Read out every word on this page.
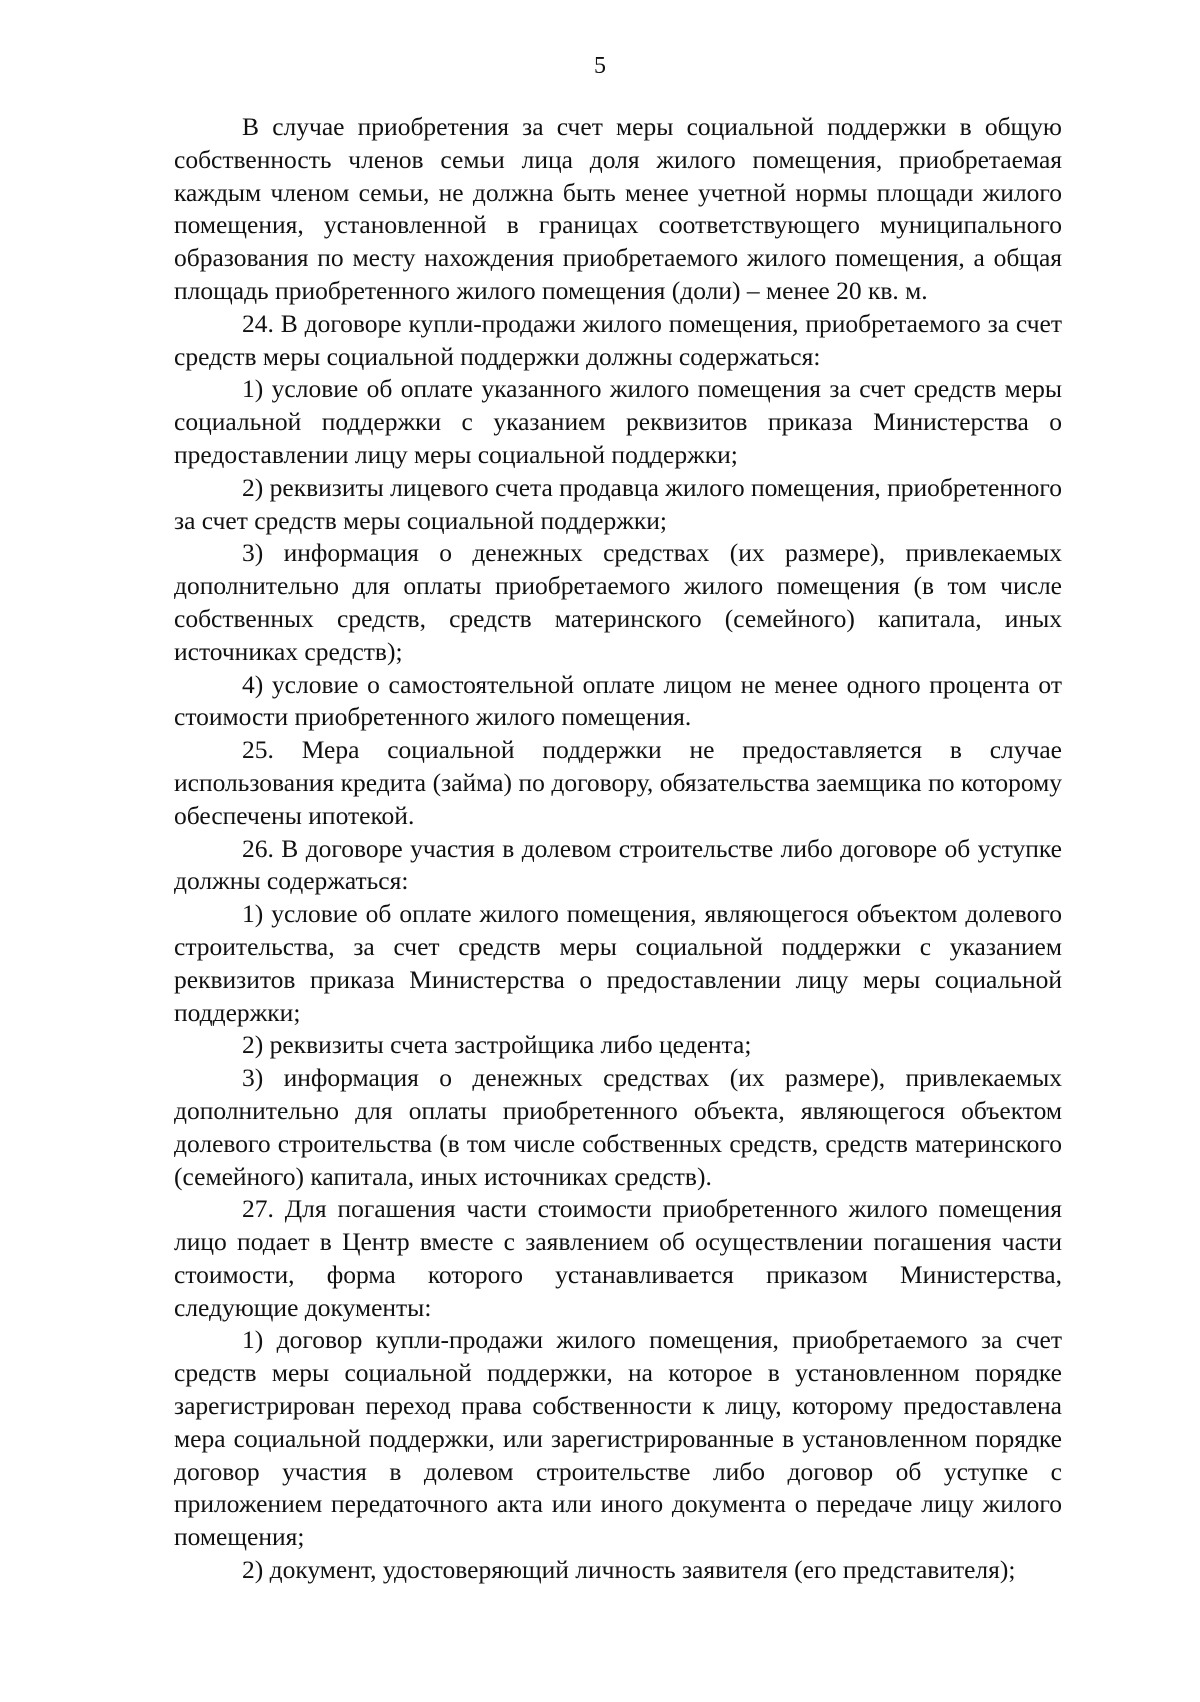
5

В случае приобретения за счет меры социальной поддержки в общую собственность членов семьи лица доля жилого помещения, приобретаемая каждым членом семьи, не должна быть менее учетной нормы площади жилого помещения, установленной в границах соответствующего муниципального образования по месту нахождения приобретаемого жилого помещения, а общая площадь приобретенного жилого помещения (доли) – менее 20 кв. м.

24. В договоре купли-продажи жилого помещения, приобретаемого за счет средств меры социальной поддержки должны содержаться:

1) условие об оплате указанного жилого помещения за счет средств меры социальной поддержки с указанием реквизитов приказа Министерства о предоставлении лицу меры социальной поддержки;

2) реквизиты лицевого счета продавца жилого помещения, приобретенного за счет средств меры социальной поддержки;

3) информация о денежных средствах (их размере), привлекаемых дополнительно для оплаты приобретаемого жилого помещения (в том числе собственных средств, средств материнского (семейного) капитала, иных источниках средств);

4) условие о самостоятельной оплате лицом не менее одного процента от стоимости приобретенного жилого помещения.

25. Мера социальной поддержки не предоставляется в случае использования кредита (займа) по договору, обязательства заемщика по которому обеспечены ипотекой.

26. В договоре участия в долевом строительстве либо договоре об уступке должны содержаться:

1) условие об оплате жилого помещения, являющегося объектом долевого строительства, за счет средств меры социальной поддержки с указанием реквизитов приказа Министерства о предоставлении лицу меры социальной поддержки;

2) реквизиты счета застройщика либо цедента;

3) информация о денежных средствах (их размере), привлекаемых дополнительно для оплаты приобретенного объекта, являющегося объектом долевого строительства (в том числе собственных средств, средств материнского (семейного) капитала, иных источниках средств).

27. Для погашения части стоимости приобретенного жилого помещения лицо подает в Центр вместе с заявлением об осуществлении погашения части стоимости, форма которого устанавливается приказом Министерства, следующие документы:

1) договор купли-продажи жилого помещения, приобретаемого за счет средств меры социальной поддержки, на которое в установленном порядке зарегистрирован переход права собственности к лицу, которому предоставлена мера социальной поддержки, или зарегистрированные в установленном порядке договор участия в долевом строительстве либо договор об уступке с приложением передаточного акта или иного документа о передаче лицу жилого помещения;

2) документ, удостоверяющий личность заявителя (его представителя);
